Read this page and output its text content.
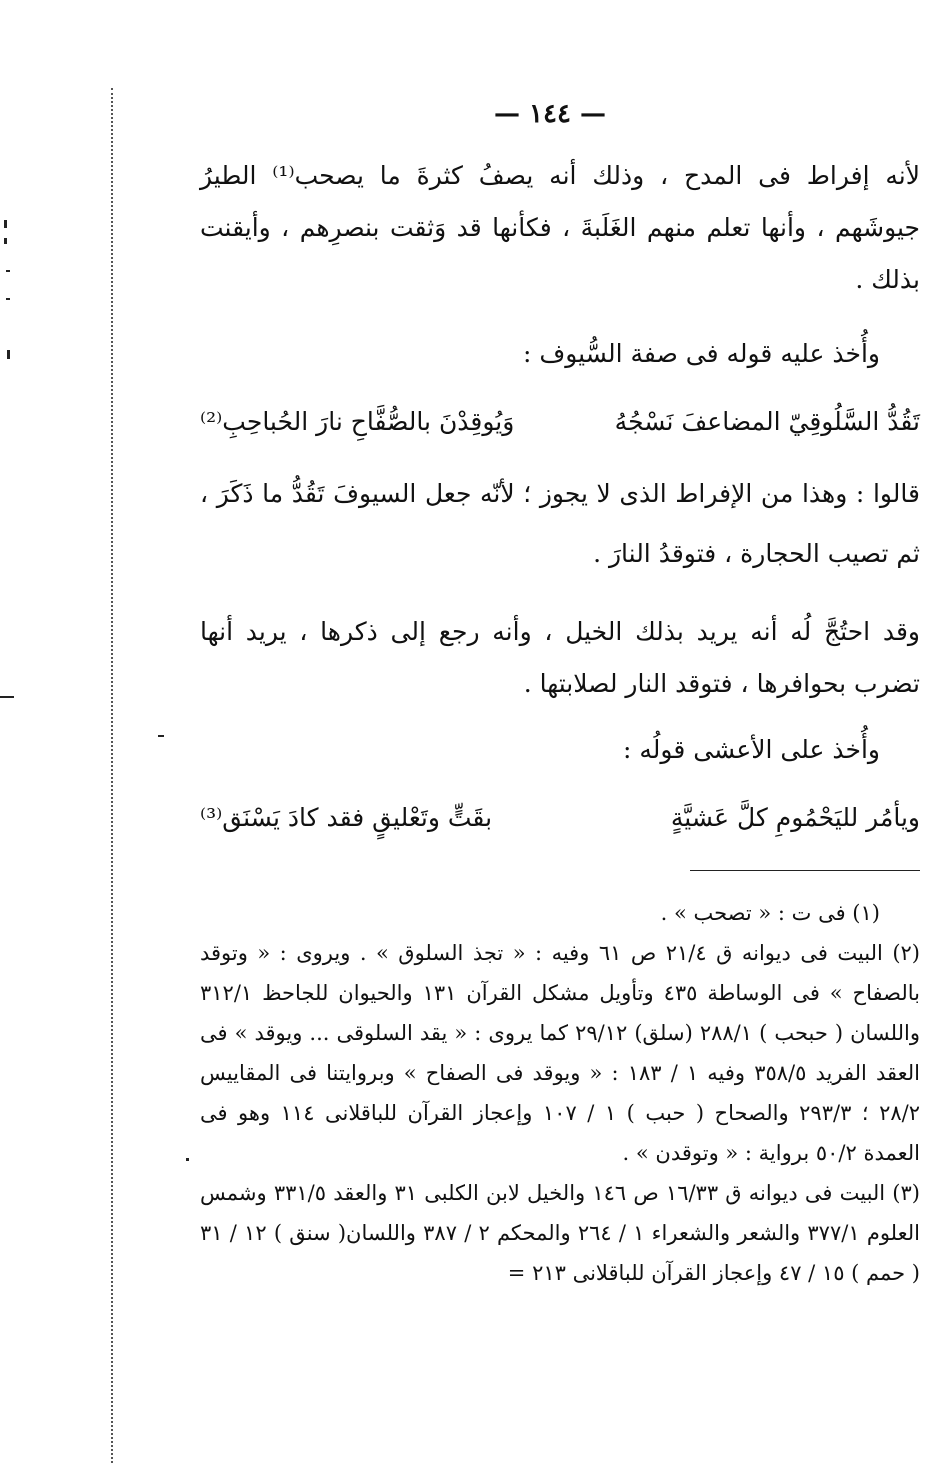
— ١٤٤ —

لأنه إفراط فى المدح ، وذلك أنه يصفُ كثرةَ ما يصحب⁽¹⁾ الطيرُ جيوشَهم ، وأنها تعلم منهم الغَلَبةَ ، فكأنها قد وَثقت بنصرِهم ، وأيقنت بذلك .

وأُخذ عليه قوله فى صفة السُّيوف :

تَقُدُّ السَّلُوقِيّ المضاعفَ نَسْجُهُ
وَيُوقِدْنَ بالصُّفَّاحِ نارَ الحُباحِبِ⁽²⁾

قالوا : وهذا من الإفراط الذى لا يجوز ؛ لأنّه جعل السيوفَ تَقُدُّ ما ذَكَرَ ، ثم تصيب الحجارة ، فتوقدُ النارَ .

وقد احتُجَّ لُه أنه يريد بذلك الخيل ، وأنه رجع إلى ذكرها ، يريد أنها تضرب بحوافرها ، فتوقد النار لصلابتها .

وأُخذ على الأعشى قولُه :

ويأمُر لليَحْمُومِ كلَّ عَشيَّةٍ
بقَتٍّ وتَعْليقٍ فقد كادَ يَسْنَق⁽³⁾

(١) فى ت : « تصحب » .

(٢) البيت فى ديوانه ق ٢١/٤ ص ٦١ وفيه : « تجذ السلوق » . ويروى : « وتوقد بالصفاح » فى الوساطة ٤٣٥ وتأويل مشكل القرآن ١٣١ والحيوان للجاحظ ٣١٢/١ واللسان ( حبحب ) ٢٨٨/١ (سلق) ٢٩/١٢ كما يروى : « يقد السلوقى ... ويوقد » فى العقد الفريد ٣٥٨/٥ وفيه ١ / ١٨٣ : « ويوقد فى الصفاح » وبروايتنا فى المقاييس ٢٨/٢ ؛ ٢٩٣/٣ والصحاح ( حبب ) ١ / ١٠٧ وإعجاز القرآن للباقلانى ١١٤ وهو فى العمدة ٥٠/٢ برواية : « وتوقدن » .

(٣) البيت فى ديوانه ق ١٦/٣٣ ص ١٤٦ والخيل لابن الكلبى ٣١ والعقد ٣٣١/٥ وشمس العلوم ٣٧٧/١ والشعر والشعراء ١ / ٢٦٤ والمحكم ٢ / ٣٨٧ واللسان( سنق ) ١٢ / ٣١ ( حمم ) ١٥ / ٤٧ وإعجاز القرآن للباقلانى ٢١٣ =
